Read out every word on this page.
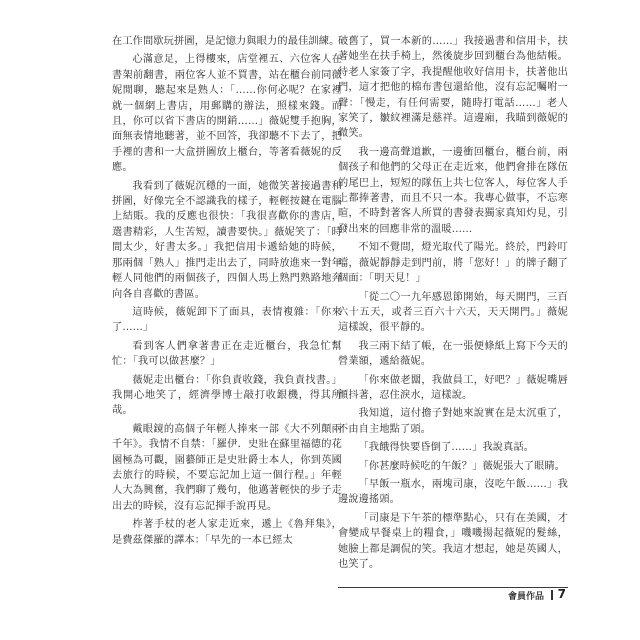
在工作間歇玩拼圖，是記憶力與眼力的最佳訓練。

心滿意足，上得樓來，店堂裡五、六位客人在書架前翻書，兩位客人並不買書，站在櫃台前同薇妮閒聊，聽起來是熟人：「……你何必呢？在家裡就一個網上書店，用郵購的辦法，照樣來錢。而且，你可以省下書店的開銷……」薇妮雙手抱胸，面無表情地聽著，並不回答，我卻聽不下去了，把手裡的書和一大盒拼圖放上櫃台，等著看薇妮的反應。

我看到了薇妮沉穩的一面，她微笑著接過書和拼圖，好像完全不認識我的樣子，輕輕按鍵在電腦上結賬。我的反應也很快：「我很喜歡你的書店，選書精彩，人生苦短，讀書要快。」薇妮笑了：「時間太少，好書太多。」我把信用卡遞給她的時候，那兩個「熟人」推門走出去了，同時放進來一對年輕人同他們的兩個孩子，四個人馬上熟門熟路地奔向各自喜歡的書區。

這時候，薇妮卸下了面具，表情複雜：「你來了……」

看到客人們拿著書正在走近櫃台，我急忙幫忙：「我可以做甚麼？」

薇妮走出櫃台：「你負責收錢，我負責找書。」我開心地笑了，經濟學博士敲打收銀機，得其所哉。

戴眼鏡的高個子年輕人捧來一部《大不列顛兩千年》。我情不自禁：「羅伊．史壯在蘇里福德的花園極為可觀，園藝師正是史壯爵士本人，你到英國去旅行的時候，不要忘記加上這一個行程。」年輕人大為興奮，我們聊了幾句，他邁著輕快的步子走出去的時候，沒有忘記揮手說再見。

柞著手杖的老人家走近來，遞上《魯拜集》，是費茲傑羅的譯本：「早先的一本已經太

破舊了，買一本新的……」我接過書和信用卡，扶著她坐在扶手椅上，然後旋步回到櫃台為他結帳。待老人家簽了字，我提醒他收好信用卡，扶著他出門，這才把他的棉布書包還給他，沒有忘記囑咐一聲：「慢走，有任何需要，隨時打電話……」老人家笑了，皺紋裡滿是慈祥。這邊廂，我瞄到薇妮的微笑。

我一邊高聲道歉，一邊衝回櫃台，櫃台前，兩個孩子和他們的父母正在走近來，他們會排在隊伍的尾巴上，短短的隊伍上共七位客人，每位客人手上都捧著書，而且不只一本。我專心做事，不忘寒暄，不時對著客人所買的書發表獨家真知灼見，引發出來的回應非常的溫暖……

不知不覺間，燈光取代了陽光。終於，門鈴叮噹，薇妮靜靜走到門前，將「您好！」的牌子翻了個面：「明天見！」

「從二〇一九年感恩節開始，每天開門，三百六十五天，或者三百六十六天，天天開門。」薇妮這樣說，很平靜的。

我三兩下結了帳，在一張便條紙上寫下今天的營業額，遞給薇妮。

「你來做老闆，我做員工，好吧？」薇妮嘴唇顫抖著，忍住淚水，這樣說。

我知道，這付擔子對她來說實在是太沉重了，不由自主地點了頭。

「我餓得快要昏倒了……」我說真話。

「你甚麼時候吃的午飯？」薇妮張大了眼睛。

「早飯一瓶水，兩塊司康，沒吃午飯……」我邊說邊搖頭。

「司康是下午茶的標準點心，只有在美國，才會變成早餐桌上的糧食，」嘰嘰揚起薇妮的髮絲，她臉上都是調侃的笑。我這才想起，她是英國人，也笑了。

會員作品 7
